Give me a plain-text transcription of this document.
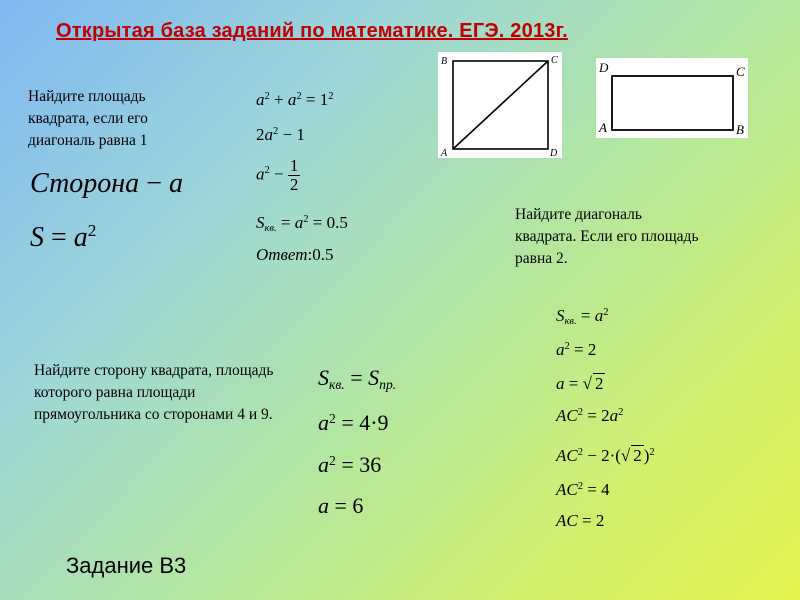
Открытая база заданий по математике. ЕГЭ. 2013г.
Найдите площадь квадрата, если его диагональ равна 1
Сторона − a
$S = a^2$
$a^2 + a^2 = 1^2$
$2a^2 - 1$
$a^2 - \frac{1}{2}$
Sкв. = $a^2 = 0.5$
Ответ:0.5
B	C
A	D
D	C
A	B
Найдите диагональ квадрата. Если его площадь равна 2.
Sкв. = $a^2$
$a^2 = 2$
a = √ 2
$AC^2 = 2a^2$
$AC^2 - 2\cdot(√$ 2 )$^2$
$AC^2 = 4$
AC = 2
Найдите сторону квадрата, площадь которого равна площади прямоугольника со сторонами 4 и 9.
Sкв. = Sпр.
$a^2 = 4\cdot 9$
$a^2 = 36$
a = 6
Задание В3
